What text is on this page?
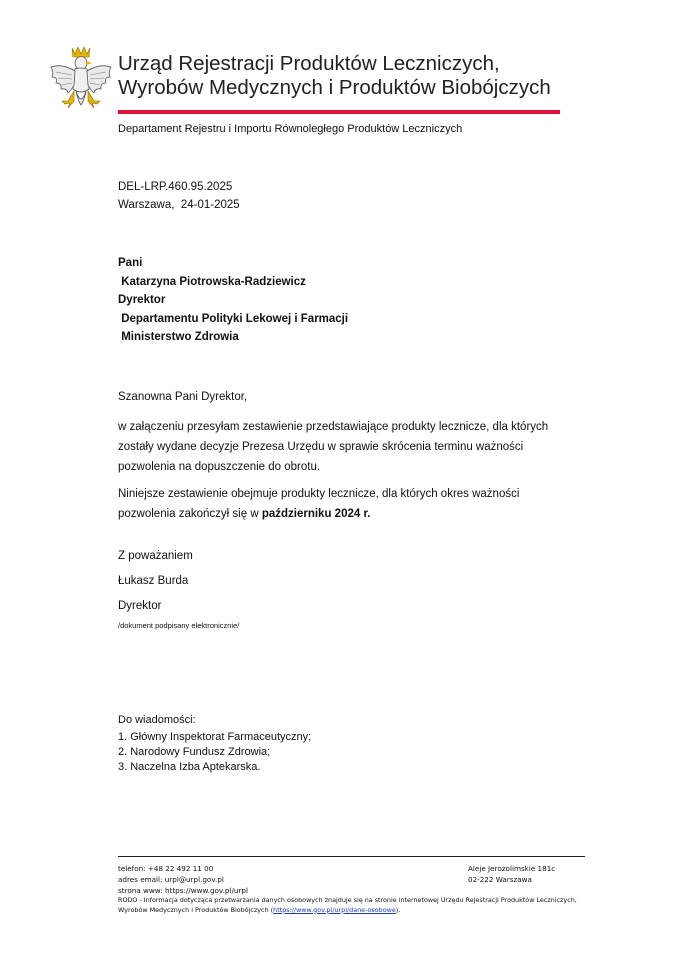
Urząd Rejestracji Produktów Leczniczych,
Wyrobów Medycznych i Produktów Biobójczych
Departament Rejestru i Importu Równoległego Produktów Leczniczych
DEL-LRP.460.95.2025
Warszawa,  24-01-2025
Pani
Katarzyna Piotrowska-Radziewicz
Dyrektor
Departamentu Polityki Lekowej i Farmacji
Ministerstwo Zdrowia
Szanowna Pani Dyrektor,
w załączeniu przesyłam zestawienie przedstawiające produkty lecznicze, dla których zostały wydane decyzje Prezesa Urzędu w sprawie skrócenia terminu ważności pozwolenia na dopuszczenie do obrotu.
Niniejsze zestawienie obejmuje produkty lecznicze, dla których okres ważności pozwolenia zakończył się w październiku 2024 r.
Z poważaniem
Łukasz Burda
Dyrektor
/dokument podpisany elektronicznie/
Do wiadomości:
1. Główny Inspektorat Farmaceutyczny;
2. Narodowy Fundusz Zdrowia;
3. Naczelna Izba Aptekarska.
telefon: +48 22 492 11 00
adres email: urpl@urpl.gov.pl
strona www: https://www.gov.pl/urpl
Aleje Jerozolimskie 181c
02-222 Warszawa
RODO - Informacja dotycząca przetwarzania danych osobowych znajduje się na stronie internetowej Urzędu Rejestracji Produktów Leczniczych, Wyrobów Medycznych i Produktów Biobójczych (https://www.gov.pl/urpl/dane-osobowe).
